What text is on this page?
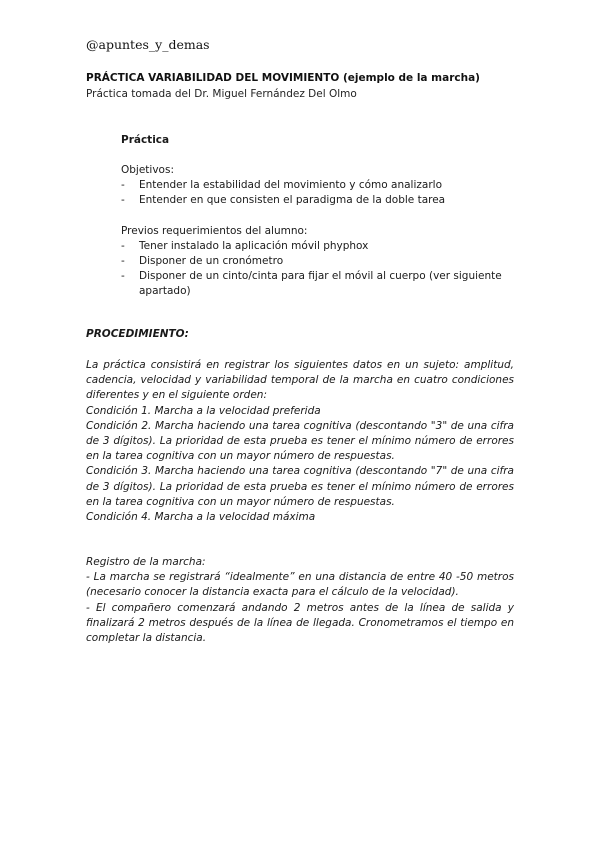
@apuntes_y_demas
PRÁCTICA VARIABILIDAD DEL MOVIMIENTO (ejemplo de la marcha)
Práctica tomada del Dr. Miguel Fernández Del Olmo
Práctica
Objetivos:
- Entender la estabilidad del movimiento y cómo analizarlo
- Entender en que consisten el paradigma de la doble tarea
Previos requerimientos del alumno:
- Tener instalado la aplicación móvil phyphox
- Disponer de un cronómetro
- Disponer de un cinto/cinta para fijar el móvil al cuerpo (ver siguiente apartado)
PROCEDIMIENTO:

La práctica consistirá en registrar los siguientes datos en un sujeto: amplitud, cadencia, velocidad y variabilidad temporal de la marcha en cuatro condiciones diferentes y en el siguiente orden:

Condición 1. Marcha a la velocidad preferida

Condición 2. Marcha haciendo una tarea cognitiva (descontando "3" de una cifra de 3 dígitos). La prioridad de esta prueba es tener el mínimo número de errores en la tarea cognitiva con un mayor número de respuestas.

Condición 3. Marcha haciendo una tarea cognitiva (descontando "7" de una cifra de 3 dígitos). La prioridad de esta prueba es tener el mínimo número de errores en la tarea cognitiva con un mayor número de respuestas.

Condición 4. Marcha a la velocidad máxima

Registro de la marcha:

- La marcha se registrará “idealmente” en una distancia de entre 40 -50 metros (necesario conocer la distancia exacta para el cálculo de la velocidad).

- El compañero comenzará andando 2 metros antes de la línea de salida y finalizará 2 metros después de la línea de llegada. Cronometramos el tiempo en completar la distancia.
